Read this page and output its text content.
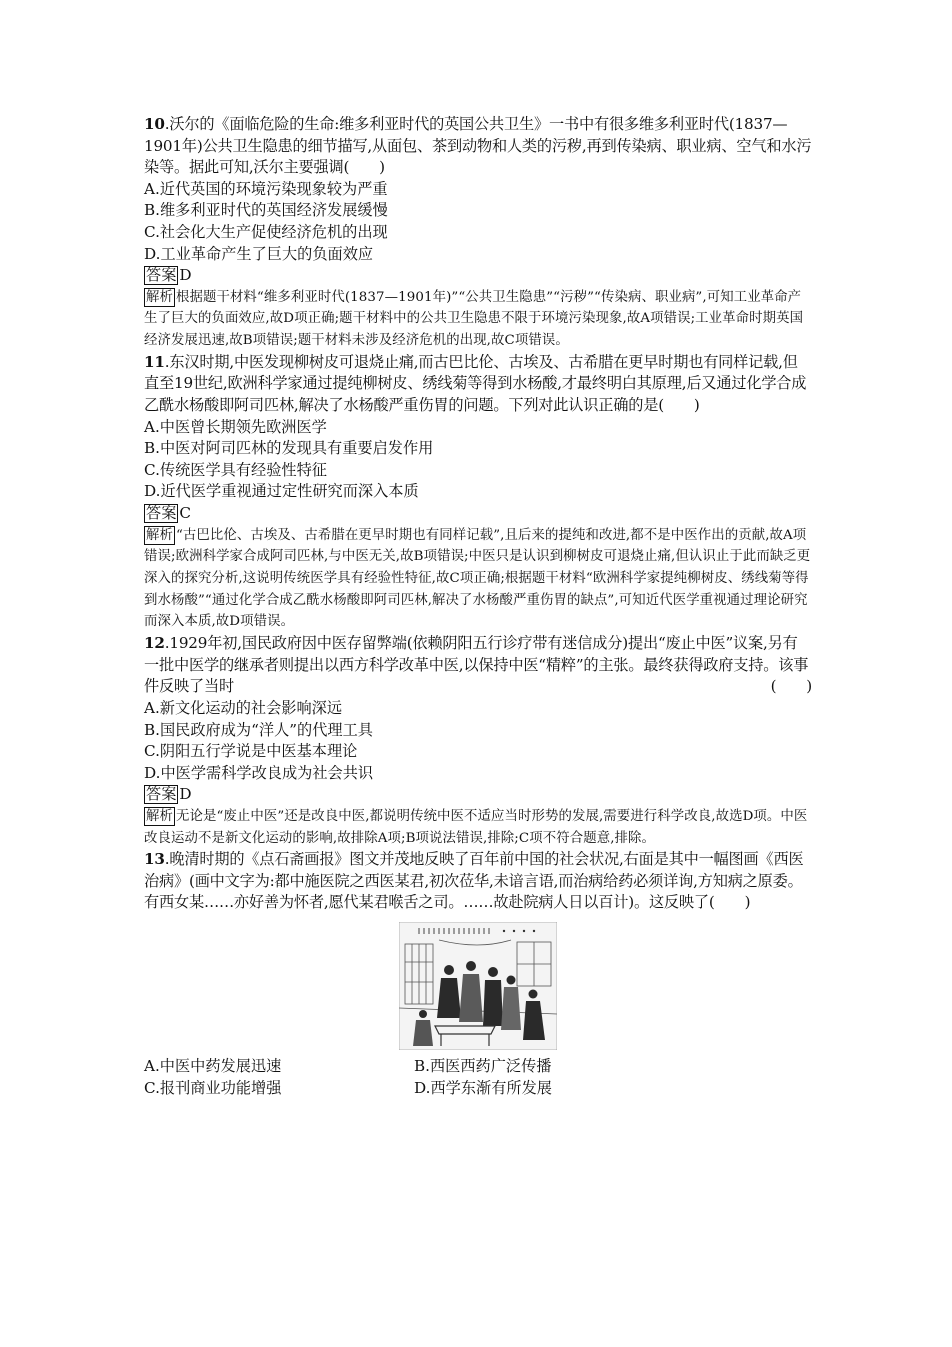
10.沃尔的《面临危险的生命:维多利亚时代的英国公共卫生》一书中有很多维多利亚时代(1837—1901年)公共卫生隐患的细节描写,从面包、茶到动物和人类的污秽,再到传染病、职业病、空气和水污染等。据此可知,沃尔主要强调(　　)
A.近代英国的环境污染现象较为严重
B.维多利亚时代的英国经济发展缓慢
C.社会化大生产促使经济危机的出现
D.工业革命产生了巨大的负面效应
答案 D
解析 根据题干材料“维多利亚时代(1837—1901年)”“公共卫生隐患”“污秽”“传染病、职业病”,可知工业革命产生了巨大的负面效应,故D项正确;题干材料中的公共卫生隐患不限于环境污染现象,故A项错误;工业革命时期英国经济发展迅速,故B项错误;题干材料未涉及经济危机的出现,故C项错误。
11.东汉时期,中医发现柳树皮可退烧止痛,而古巴比伦、古埃及、古希腊在更早时期也有同样记载,但直至19世纪,欧洲科学家通过提纯柳树皮、绣线菊等得到水杨酸,才最终明白其原理,后又通过化学合成乙酰水杨酸即阿司匹林,解决了水杨酸严重伤胃的问题。下列对此认识正确的是(　　)
A.中医曾长期领先欧洲医学
B.中医对阿司匹林的发现具有重要启发作用
C.传统医学具有经验性特征
D.近代医学重视通过定性研究而深入本质
答案 C
解析 “古巴比伦、古埃及、古希腊在更早时期也有同样记载”,且后来的提纯和改进,都不是中医作出的贡献,故A项错误;欧洲科学家合成阿司匹林,与中医无关,故B项错误;中医只是认识到柳树皮可退烧止痛,但认识止于此而缺乏更深入的探究分析,这说明传统医学具有经验性特征,故C项正确;根据题干材料“欧洲科学家提纯柳树皮、绣线菊等得到水杨酸”“通过化学合成乙酰水杨酸即阿司匹林,解决了水杨酸严重伤胃的缺点”,可知近代医学重视通过理论研究而深入本质,故D项错误。
12.1929年初,国民政府因中医存留弊端(依赖阴阳五行诊疗带有迷信成分)提出“废止中医”议案,另有一批中医学的继承者则提出以西方科学改革中医,以保持中医“精粹”的主张。最终获得政府支持。该事件反映了当时	(　　)
A.新文化运动的社会影响深远
B.国民政府成为“洋人”的代理工具
C.阴阳五行学说是中医基本理论
D.中医学需科学改良成为社会共识
答案 D
解析 无论是“废止中医”还是改良中医,都说明传统中医不适应当时形势的发展,需要进行科学改良,故选D项。中医改良运动不是新文化运动的影响,故排除A项;B项说法错误,排除;C项不符合题意,排除。
13.晚清时期的《点石斋画报》图文并茂地反映了百年前中国的社会状况,右面是其中一幅图画《西医治病》(画中文字为:都中施医院之西医某君,初次莅华,未谙言语,而治病给药必须详询,方知病之原委。有西女某……亦好善为怀者,愿代某君喉舌之司。……故赴院病人日以百计)。这反映了(　　)
A.中医中药发展迅速	B.西医西药广泛传播
C.报刊商业功能增强	D.西学东渐有所发展
